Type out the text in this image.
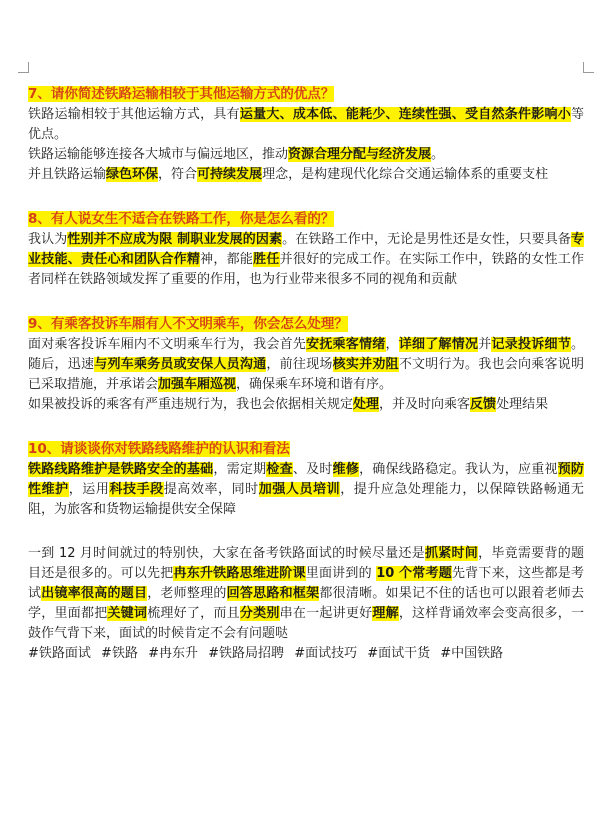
7、请你简述铁路运输相较于其他运输方式的优点？

铁路运输相较于其他运输方式，具有运量大、成本低、能耗少、连续性强、受自然条件影响小等优点。

铁路运输能够连接各大城市与偏远地区，推动资源合理分配与经济发展。

并且铁路运输绿色环保，符合可持续发展理念，是构建现代化综合交通运输体系的重要支柱

8、有人说女生不适合在铁路工作，你是怎么看的？

我认为性别并不应成为限 制职业发展的因素。在铁路工作中，无论是男性还是女性，只要具备专业技能、责任心和团队合作精神，都能胜任并很好的完成工作。在实际工作中，铁路的女性工作者同样在铁路领域发挥了重要的作用，也为行业带来很多不同的视角和贡献

9、有乘客投诉车厢有人不文明乘车，你会怎么处理？

面对乘客投诉车厢内不文明乘车行为，我会首先安抚乘客情绪，详细了解情况并记录投诉细节。随后，迅速与列车乘务员或安保人员沟通，前往现场核实并劝阻不文明行为。我也会向乘客说明已采取措施，并承诺会加强车厢巡视，确保乘车环境和谐有序。

如果被投诉的乘客有严重违规行为，我也会依据相关规定处理，并及时向乘客反馈处理结果

10、请谈谈你对铁路线路维护的认识和看法

铁路线路维护是铁路安全的基础，需定期检查、及时维修，确保线路稳定。我认为，应重视预防性维护，运用科技手段提高效率，同时加强人员培训，提升应急处理能力，以保障铁路畅通无阻，为旅客和货物运输提供安全保障

一到 12 月时间就过的特别快，大家在备考铁路面试的时候尽量还是抓紧时间，毕竟需要背的题目还是很多的。可以先把冉东升铁路思维进阶课里面讲到的 10 个常考题先背下来，这些都是考试出镜率很高的题目，老师整理的回答思路和框架都很清晰。如果记不住的话也可以跟着老师去学，里面都把关键词梳理好了，而且分类别串在一起讲更好理解，这样背诵效率会变高很多，一鼓作气背下来，面试的时候肯定不会有问题哒

#铁路面试 #铁路 #冉东升 #铁路局招聘 #面试技巧 #面试干货 #中国铁路
